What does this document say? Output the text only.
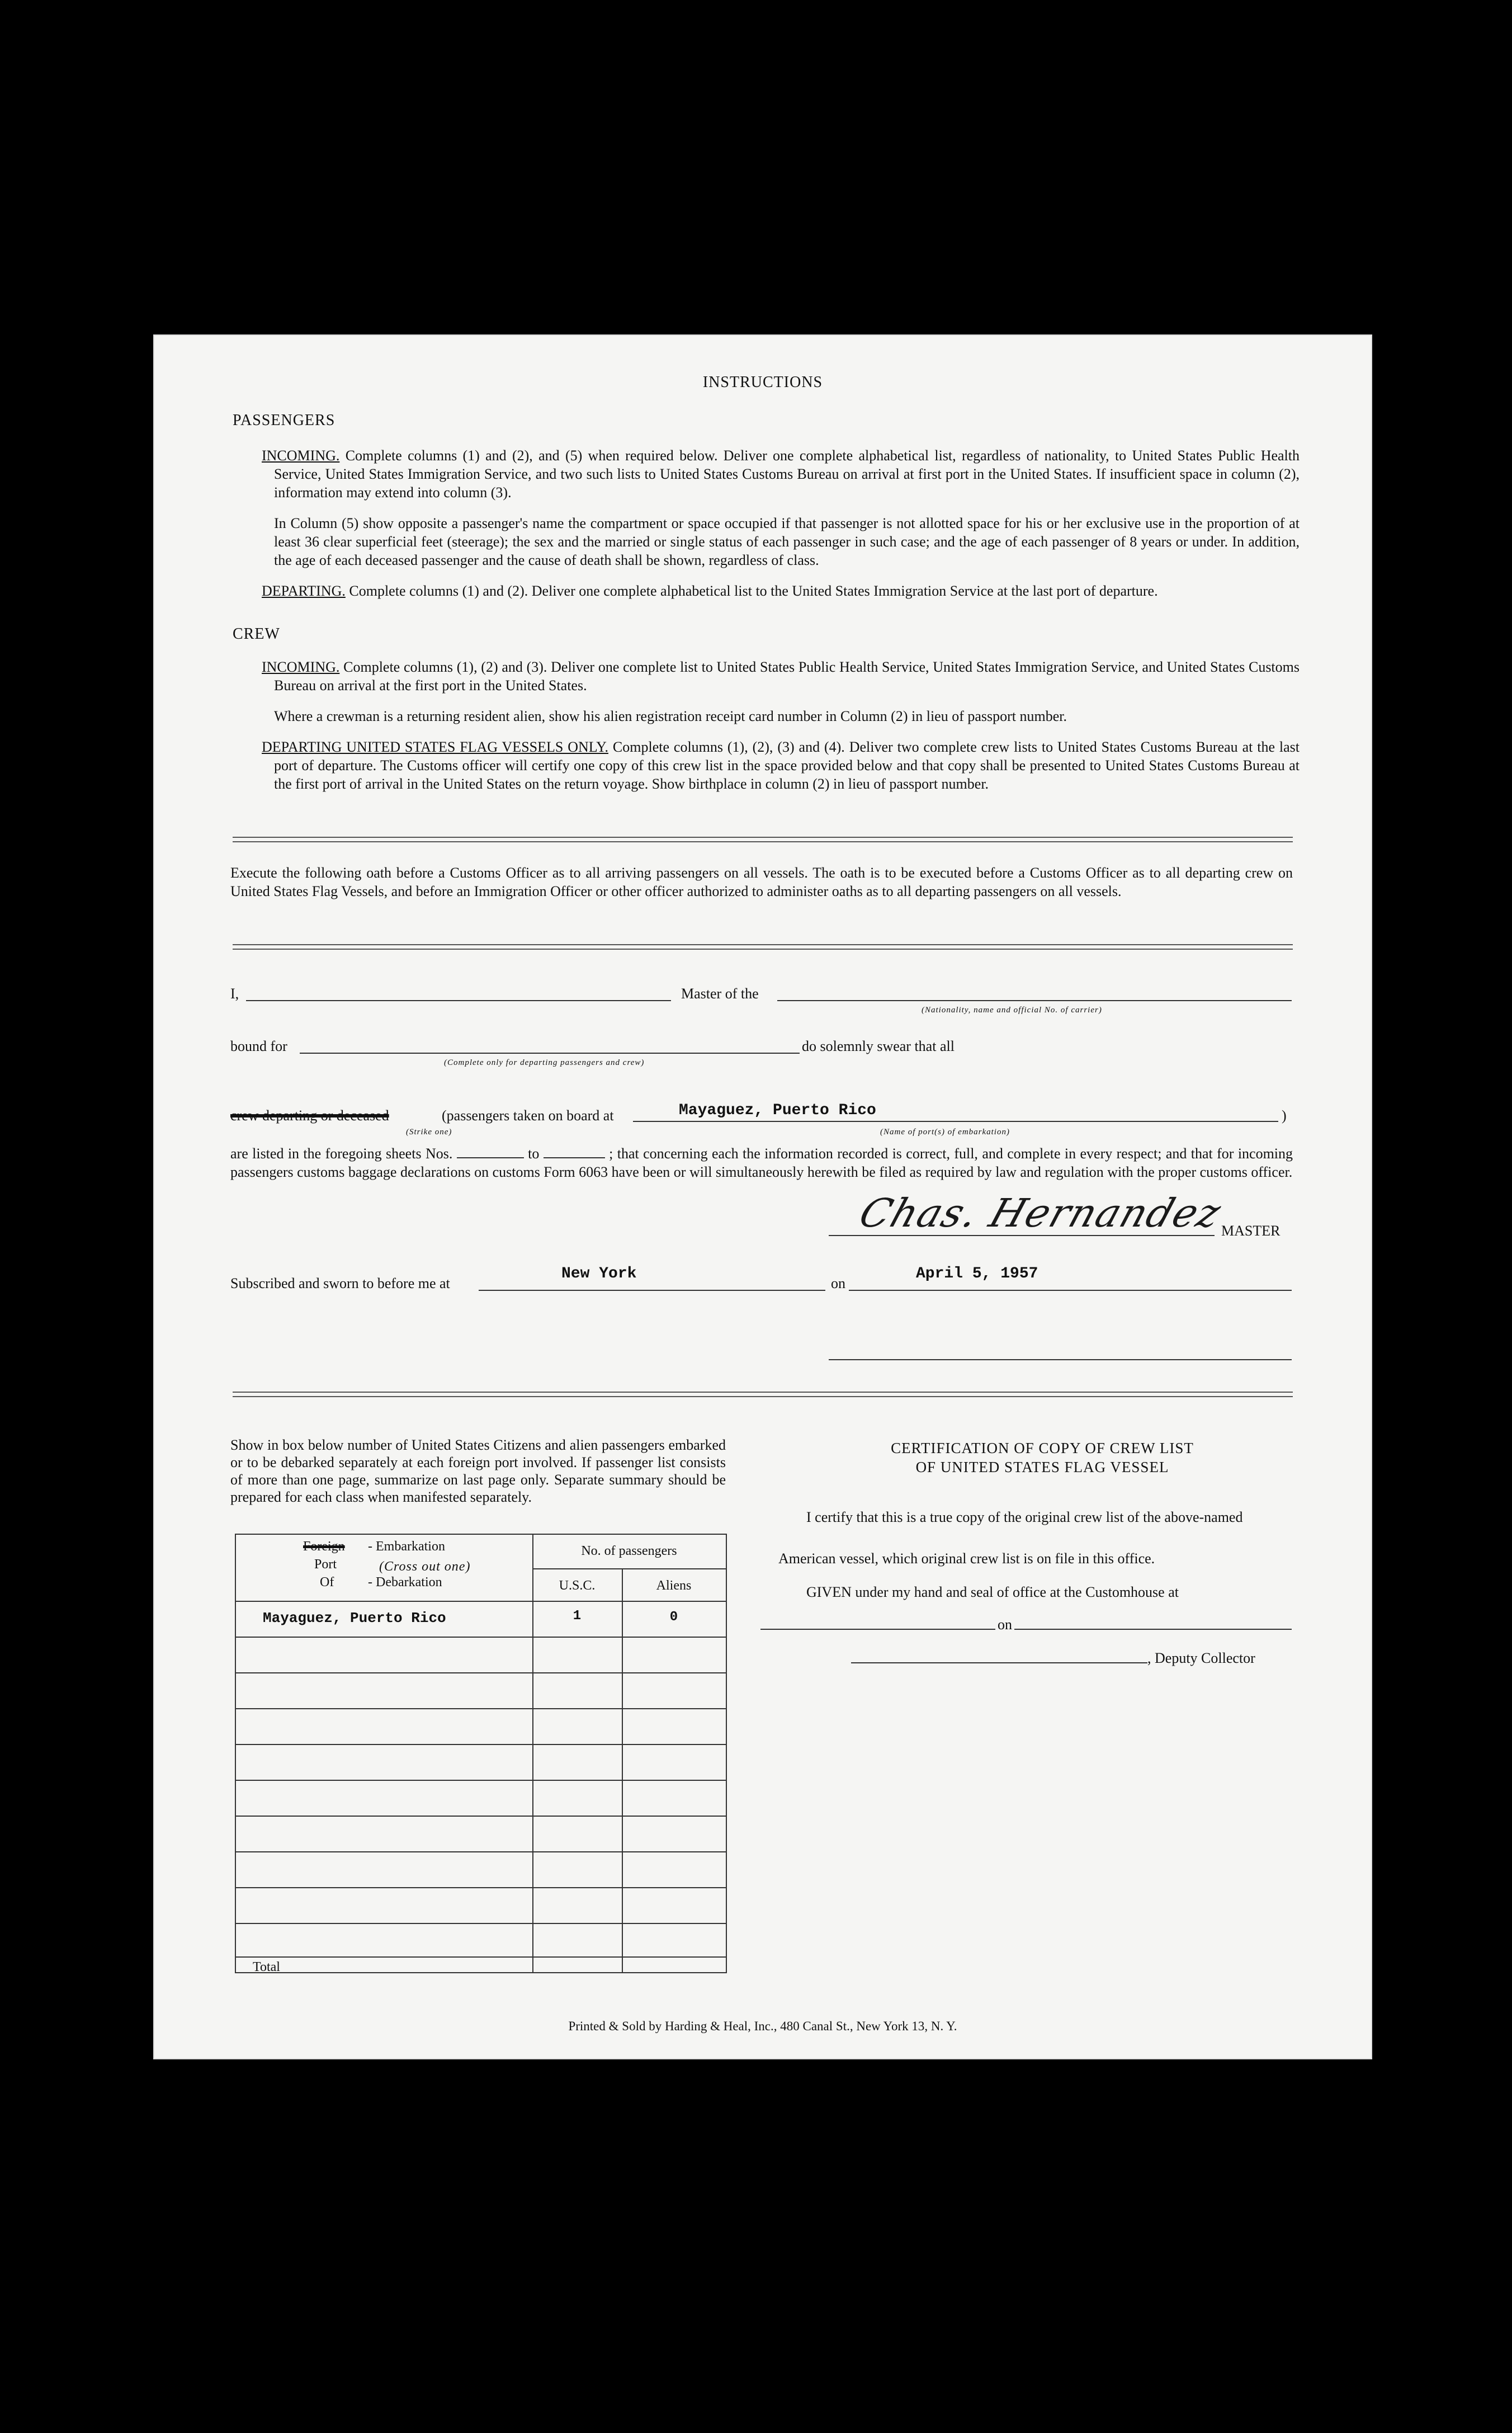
INSTRUCTIONS
PASSENGERS

INCOMING. Complete columns (1) and (2), and (5) when required below. Deliver one complete alphabetical list, regardless of nationality, to United States Public Health Service, United States Immigration Service, and two such lists to United States Customs Bureau on arrival at first port in the United States. If insufficient space in column (2), information may extend into column (3).

In Column (5) show opposite a passenger's name the compartment or space occupied if that passenger is not allotted space for his or her exclusive use in the proportion of at least 36 clear superficial feet (steerage); the sex and the married or single status of each passenger in such case; and the age of each passenger of 8 years or under. In addition, the age of each deceased passenger and the cause of death shall be shown, regardless of class.

DEPARTING. Complete columns (1) and (2). Deliver one complete alphabetical list to the United States Immigration Service at the last port of departure.

CREW

INCOMING. Complete columns (1), (2) and (3). Deliver one complete list to United States Public Health Service, United States Immigration Service, and United States Customs Bureau on arrival at the first port in the United States.

Where a crewman is a returning resident alien, show his alien registration receipt card number in Column (2) in lieu of passport number.

DEPARTING UNITED STATES FLAG VESSELS ONLY. Complete columns (1), (2), (3) and (4). Deliver two complete crew lists to United States Customs Bureau at the last port of departure. The Customs officer will certify one copy of this crew list in the space provided below and that copy shall be presented to United States Customs Bureau at the first port of arrival in the United States on the return voyage. Show birthplace in column (2) in lieu of passport number.

Execute the following oath before a Customs Officer as to all arriving passengers on all vessels. The oath is to be executed before a Customs Officer as to all departing crew on United States Flag Vessels, and before an Immigration Officer or other officer authorized to administer oaths as to all departing passengers on all vessels.

I,	Master of the
(Nationality, name and official No. of carrier)
bound for
(Complete only for departing passengers and crew)
do solemnly swear that all
crew departing or deceased	(passengers taken on board at
(Strike one)
Mayaguez, Puerto Rico	)
(Name of port(s) of embarkation)

are listed in the foregoing sheets Nos.	to	; that concerning each the information recorded is correct, full, and complete in every respect; and that for incoming passengers customs baggage declarations on customs Form 6063 have been or will simultaneously herewith be filed as required by law and regulation with the proper customs officer.

Chas. Hernandez
MASTER
Subscribed and sworn to before me at
New York
on
April 5, 1957

Show in box below number of United States Citizens and alien passengers embarked or to be debarked separately at each foreign port involved. If passenger list consists of more than one page, summarize on last page only. Separate summary should be prepared for each class when manifested separately.

Foreign - Embarkation
Port	(Cross out one)
Of	- Debarkation
No. of passengers
U.S.C.	Aliens
Mayaguez, Puerto Rico	1	0
Total
CERTIFICATION OF COPY OF CREW LIST
OF UNITED STATES FLAG VESSEL
I certify that this is a true copy of the original crew list of the above-named
American vessel, which original crew list is on file in this office.
GIVEN under my hand and seal of office at the Customhouse at
on
, Deputy Collector
Printed & Sold by Harding & Heal, Inc., 480 Canal St., New York 13, N. Y.
